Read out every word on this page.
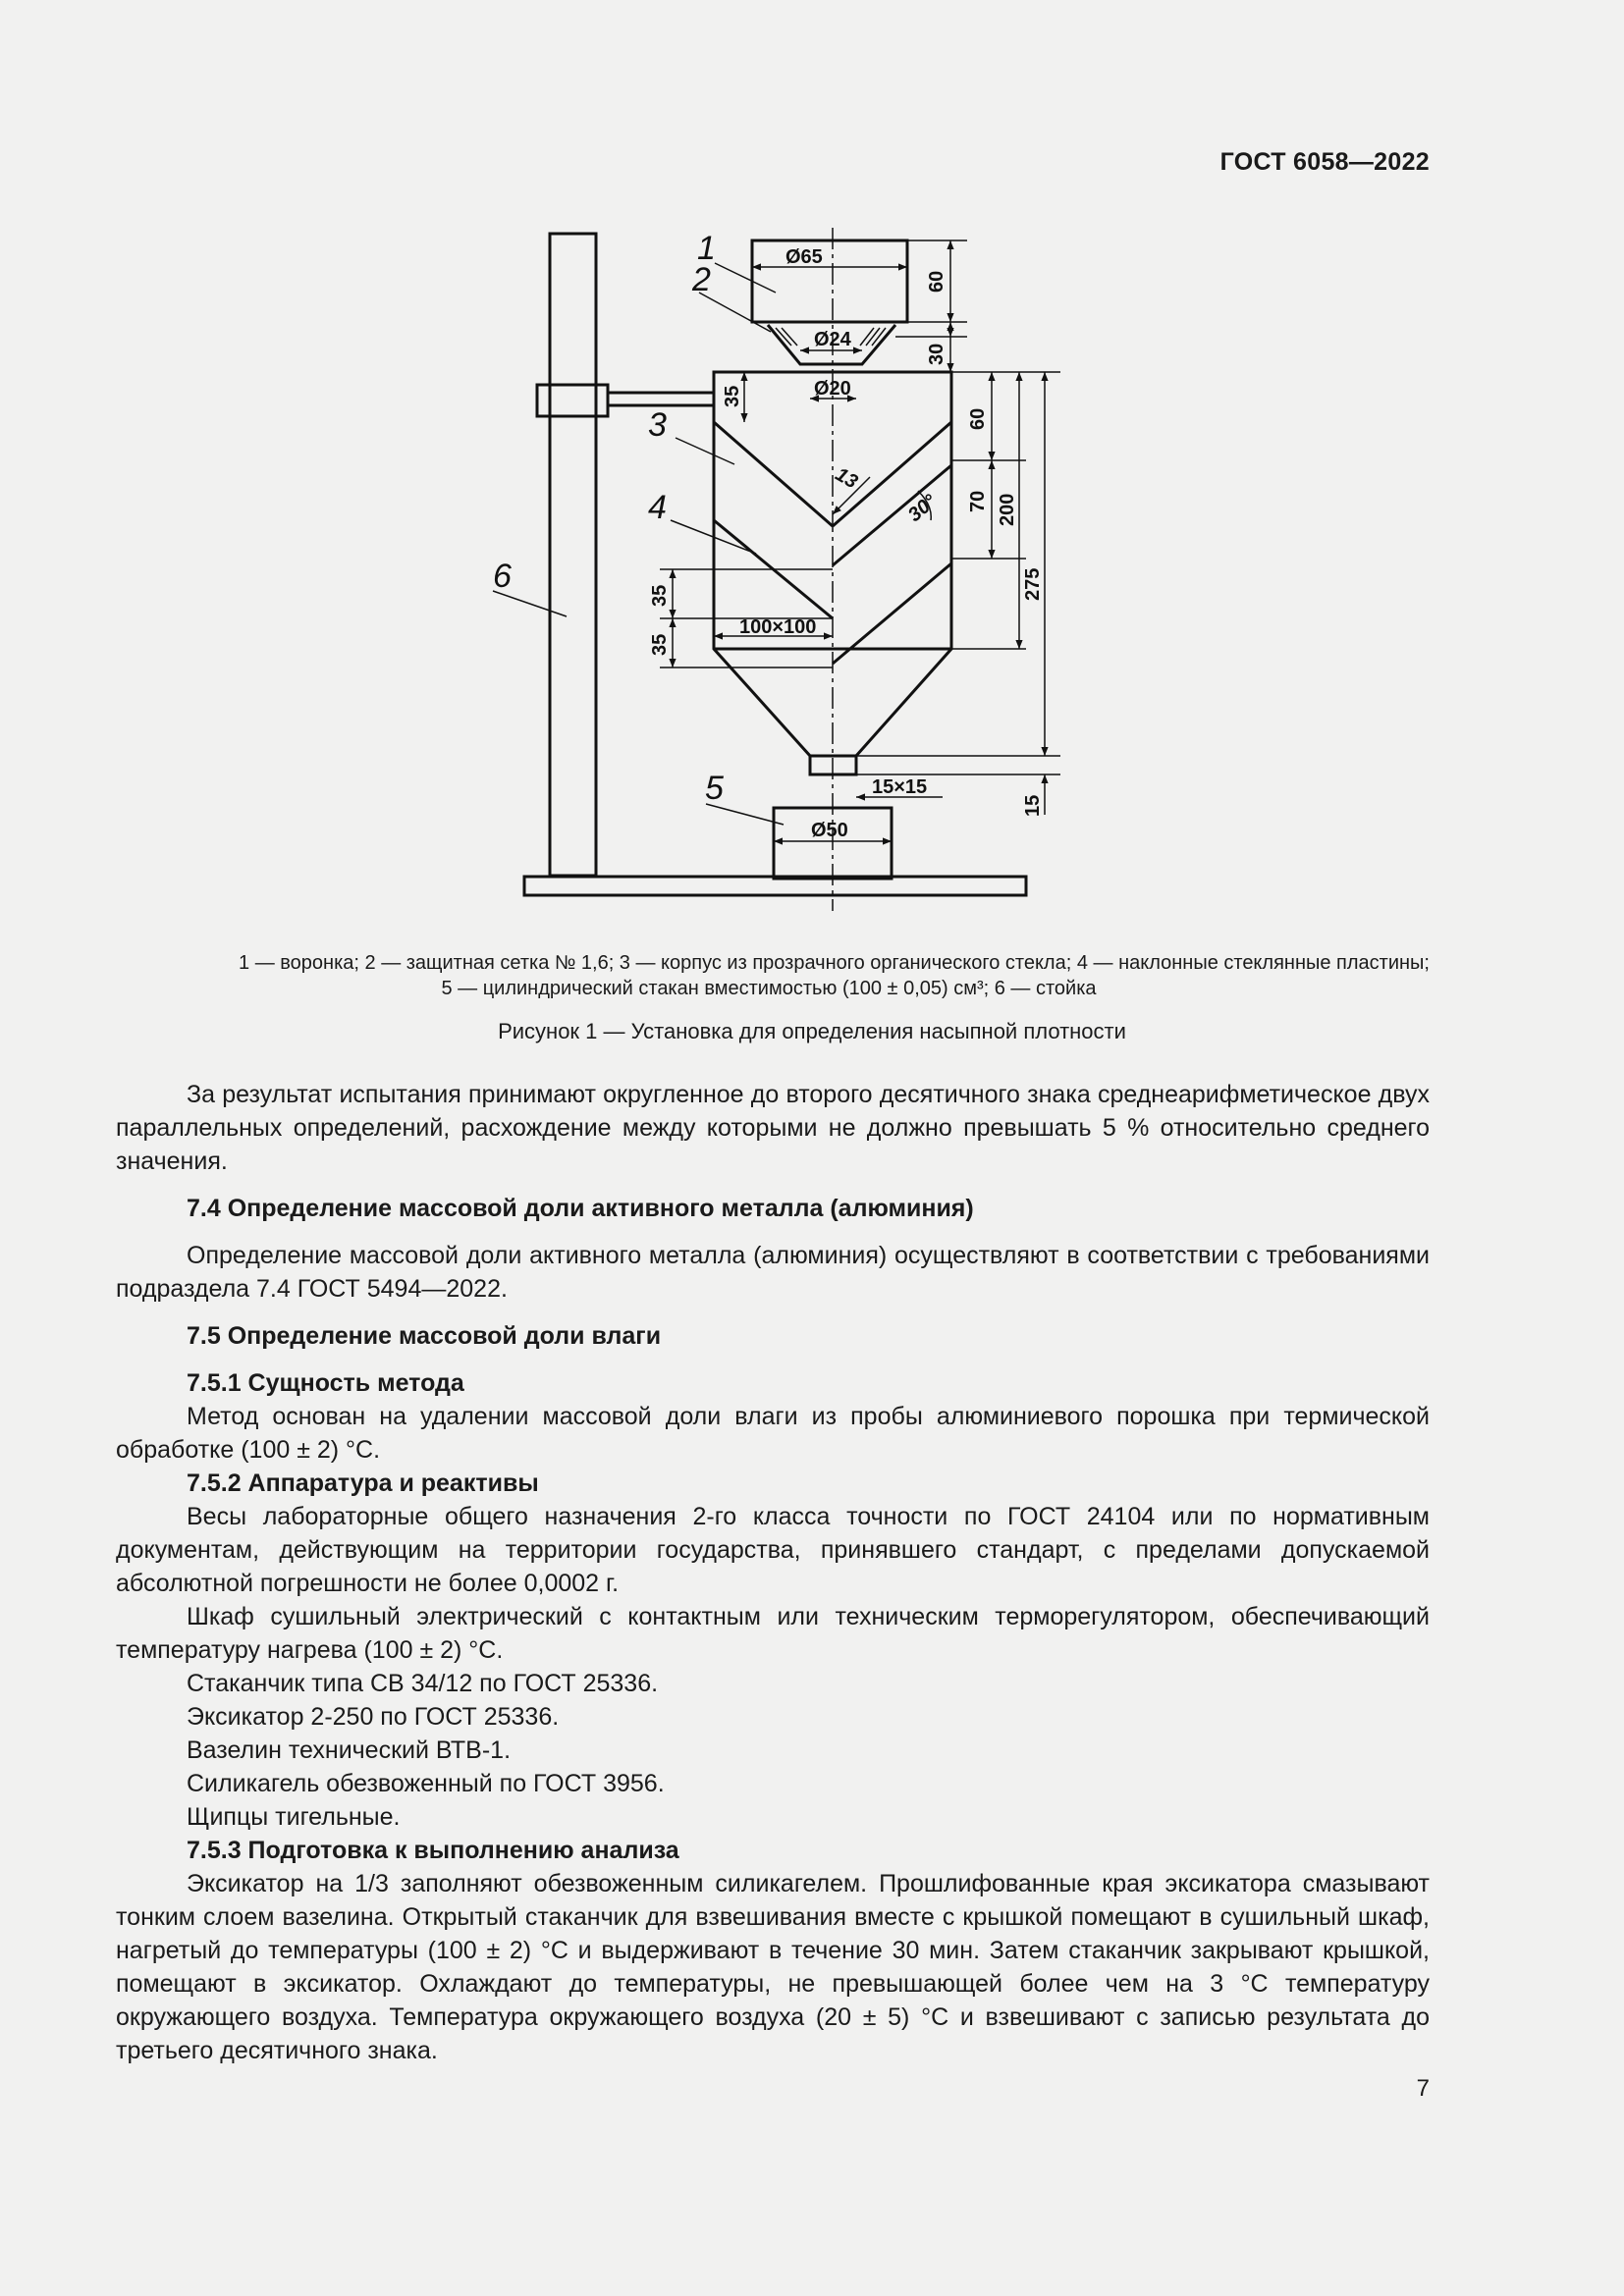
ГОСТ 6058—2022
1
2
3
4
5
6
Ø65
Ø24
Ø20
Ø50
100×100
15×15
13
30°
60
30
35
60
70 200
275
35
35
15
1 — воронка; 2 — защитная сетка № 1,6; 3 — корпус из прозрачного органического стекла; 4 — наклонные стеклянные пластины;
5 — цилиндрический стакан вместимостью (100 ± 0,05) см³; 6 — стойка
Рисунок 1 — Установка для определения насыпной плотности

За результат испытания принимают округленное до второго десятичного знака среднеарифметическое двух параллельных определений, расхождение между которыми не должно превышать 5 % относительно среднего значения.

7.4 Определение массовой доли активного металла (алюминия)

Определение массовой доли активного металла (алюминия) осуществляют в соответствии с требованиями подраздела 7.4 ГОСТ 5494—2022.

7.5 Определение массовой доли влаги

7.5.1 Сущность метода

Метод основан на удалении массовой доли влаги из пробы алюминиевого порошка при термической обработке (100 ± 2) °С.

7.5.2 Аппаратура и реактивы

Весы лабораторные общего назначения 2-го класса точности по ГОСТ 24104 или по нормативным документам, действующим на территории государства, принявшего стандарт, с пределами допускаемой абсолютной погрешности не более 0,0002 г.

Шкаф сушильный электрический с контактным или техническим терморегулятором, обеспечивающий температуру нагрева (100 ± 2) °С.

Стаканчик типа СВ 34/12 по ГОСТ 25336.

Эксикатор 2-250 по ГОСТ 25336.

Вазелин технический ВТВ-1.

Силикагель обезвоженный по ГОСТ 3956.

Щипцы тигельные.

7.5.3 Подготовка к выполнению анализа

Эксикатор на 1/3 заполняют обезвоженным силикагелем. Прошлифованные края эксикатора смазывают тонким слоем вазелина. Открытый стаканчик для взвешивания вместе с крышкой помещают в сушильный шкаф, нагретый до температуры (100 ± 2) °С и выдерживают в течение 30 мин. Затем стаканчик закрывают крышкой, помещают в эксикатор. Охлаждают до температуры, не превышающей более чем на 3 °С температуру окружающего воздуха. Температура окружающего воздуха (20 ± 5) °С и взвешивают с записью результата до третьего десятичного знака.

7
